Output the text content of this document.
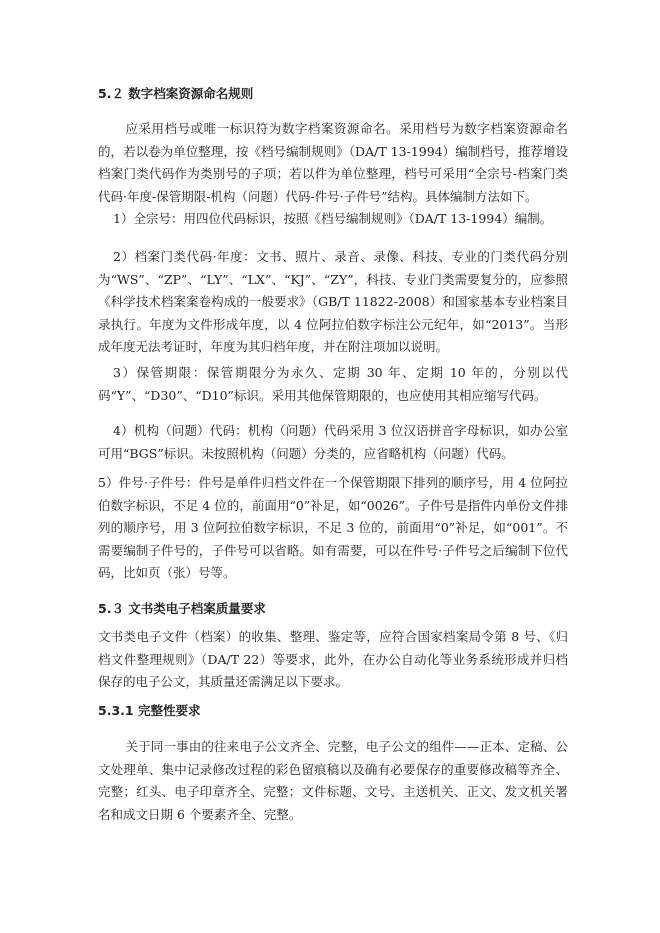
5.２ 数字档案资源命名规则

应采用档号或唯一标识符为数字档案资源命名。采用档号为数字档案资源命名的，若以卷为单位整理，按《档号编制规则》（DA/T 13-1994）编制档号，推荐增设档案门类代码作为类别号的子项；若以件为单位整理，档号可采用“全宗号-档案门类代码·年度-保管期限-机构（问题）代码-件号·子件号”结构。具体编制方法如下。

1）全宗号：用四位代码标识，按照《档号编制规则》（DA/T 13-1994）编制。

2）档案门类代码·年度：文书、照片、录音、录像、科技、专业的门类代码分别为“WS”、“ZP”、“LY”、“LX”、“KJ”、“ZY”，科技、专业门类需要复分的，应参照《科学技术档案案卷构成的一般要求》（GB/T 11822-2008）和国家基本专业档案目录执行。年度为文件形成年度，以 4 位阿拉伯数字标注公元纪年，如“2013”。当形成年度无法考证时，年度为其归档年度，并在附注项加以说明。

3）保管期限：保管期限分为永久、定期 30 年、定期 10 年的，分别以代码“Y”、“D30”、“D10”标识。采用其他保管期限的，也应使用其相应缩写代码。

4）机构（问题）代码：机构（问题）代码采用 3 位汉语拼音字母标识，如办公室可用“BGS”标识。未按照机构（问题）分类的，应省略机构（问题）代码。

5）件号·子件号：件号是单件归档文件在一个保管期限下排列的顺序号，用 4 位阿拉伯数字标识，不足 4 位的，前面用“0”补足，如“0026”。子件号是指件内单份文件排列的顺序号，用 3 位阿拉伯数字标识，不足 3 位的，前面用“0”补足，如“001”。不需要编制子件号的，子件号可以省略。如有需要，可以在件号·子件号之后编制下位代码，比如页（张）号等。

5.３ 文书类电子档案质量要求

文书类电子文件（档案）的收集、整理、鉴定等，应符合国家档案局令第 8 号、《归档文件整理规则》（DA/T 22）等要求，此外，在办公自动化等业务系统形成并归档保存的电子公文，其质量还需满足以下要求。

5.3.1 完整性要求

关于同一事由的往来电子公文齐全、完整，电子公文的组件——正本、定稿、公文处理单、集中记录修改过程的彩色留痕稿以及确有必要保存的重要修改稿等齐全、完整；红头、电子印章齐全、完整；文件标题、文号、主送机关、正文、发文机关署名和成文日期 6 个要素齐全、完整。
